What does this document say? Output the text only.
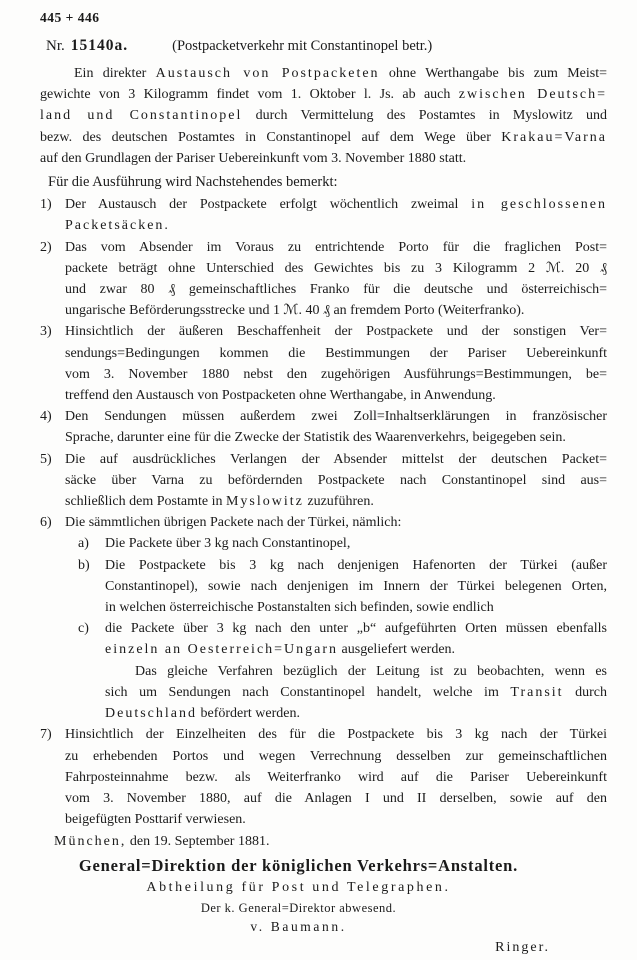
445 + 446
Nr. 15140a.	(Postpacketverkehr mit Constantinopel betr.)
Ein direkter Austausch von Postpacketen ohne Werthangabe bis zum Meist=
gewichte von 3 Kilogramm findet vom 1. Oktober l. Js. ab auch zwischen Deutsch=
land und Constantinopel durch Vermittelung des Postamtes in Myslowitz und
bezw. des deutschen Postamtes in Constantinopel auf dem Wege über Krakau=Varna
auf den Grundlagen der Pariser Uebereinkunft vom 3. November 1880 statt.
Für die Ausführung wird Nachstehendes bemerkt:
1) Der Austausch der Postpackete erfolgt wöchentlich zweimal in geschlossenen
Packetsäcken.
2) Das vom Absender im Voraus zu entrichtende Porto für die fraglichen Post=
packete beträgt ohne Unterschied des Gewichtes bis zu 3 Kilogramm 2 ℳ. 20 ₰
und zwar 80 ₰ gemeinschaftliches Franko für die deutsche und österreichisch=
ungarische Beförderungsstrecke und 1 ℳ. 40 ₰ an fremdem Porto (Weiterfranko).
3) Hinsichtlich der äußeren Beschaffenheit der Postpackete und der sonstigen Ver=
sendungs=Bedingungen kommen die Bestimmungen der Pariser Uebereinkunft
vom 3. November 1880 nebst den zugehörigen Ausführungs=Bestimmungen, be=
treffend den Austausch von Postpacketen ohne Werthangabe, in Anwendung.
4) Den Sendungen müssen außerdem zwei Zoll=Inhaltserklärungen in französischer
Sprache, darunter eine für die Zwecke der Statistik des Waarenverkehrs, beigegeben sein.
5) Die auf ausdrückliches Verlangen der Absender mittelst der deutschen Packet=
säcke über Varna zu befördernden Postpackete nach Constantinopel sind aus=
schließlich dem Postamte in Myslowitz zuzuführen.
6) Die sämmtlichen übrigen Packete nach der Türkei, nämlich:
a)	Die Packete über 3 kg nach Constantinopel,
b)	Die Postpackete bis 3 kg nach denjenigen Hafenorten der Türkei (außer
Constantinopel), sowie nach denjenigen im Innern der Türkei belegenen Orten,
in welchen österreichische Postanstalten sich befinden, sowie endlich
c)	die Packete über 3 kg nach den unter „b“ aufgeführten Orten müssen ebenfalls
einzeln an Oesterreich=Ungarn ausgeliefert werden.
Das gleiche Verfahren bezüglich der Leitung ist zu beobachten, wenn es
sich um Sendungen nach Constantinopel handelt, welche im Transit durch
Deutschland befördert werden.
7) Hinsichtlich der Einzelheiten des für die Postpackete bis 3 kg nach der Türkei
zu erhebenden Portos und wegen Verrechnung desselben zur gemeinschaftlichen
Fahrposteinnahme bezw. als Weiterfranko wird auf die Pariser Uebereinkunft
vom 3. November 1880, auf die Anlagen I und II derselben, sowie auf den
beigefügten Posttarif verwiesen.
München, den 19. September 1881.
General=Direktion der königlichen Verkehrs=Anstalten.
Abtheilung für Post und Telegraphen.
Der k. General=Direktor abwesend.
v. Baumann.
Ringer.
